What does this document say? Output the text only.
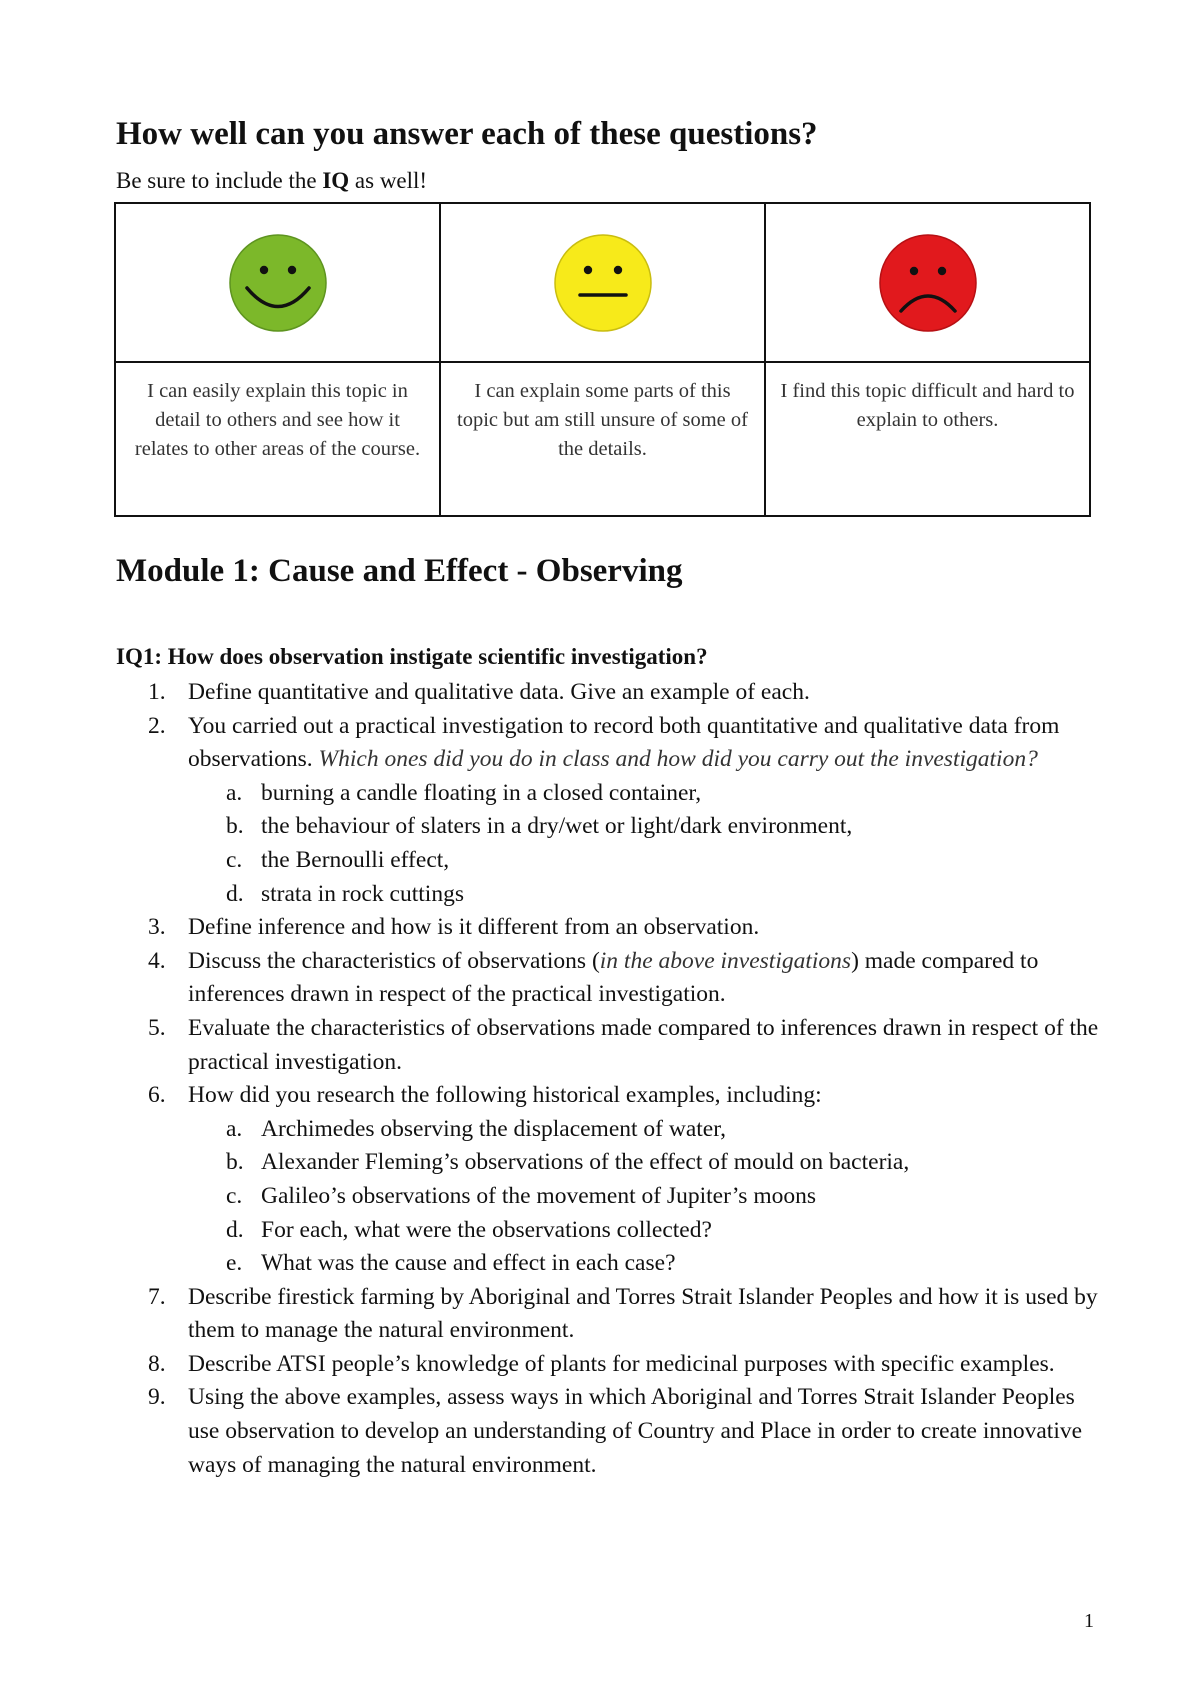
How well can you answer each of these questions?

Be sure to include the IQ as well!

I can easily explain this topic in detail to others and see how it relates to other areas of the course.	I can explain some parts of this topic but am still unsure of some of the details.	I find this topic difficult and hard to explain to others.
Module 1: Cause and Effect - Observing
IQ1: How does observation instigate scientific investigation?
1. Define quantitative and qualitative data. Give an example of each.
2. You carried out a practical investigation to record both quantitative and qualitative data from observations. Which ones did you do in class and how did you carry out the investigation?
a. burning a candle floating in a closed container,
b. the behaviour of slaters in a dry/wet or light/dark environment,
c. the Bernoulli effect,
d. strata in rock cuttings
3. Define inference and how is it different from an observation.
4. Discuss the characteristics of observations (in the above investigations) made compared to inferences drawn in respect of the practical investigation.
5. Evaluate the characteristics of observations made compared to inferences drawn in respect of the practical investigation.
6. How did you research the following historical examples, including:
a. Archimedes observing the displacement of water,
b. Alexander Fleming’s observations of the effect of mould on bacteria,
c. Galileo’s observations of the movement of Jupiter’s moons
d. For each, what were the observations collected?
e. What was the cause and effect in each case?
7. Describe firestick farming by Aboriginal and Torres Strait Islander Peoples and how it is used by them to manage the natural environment.
8. Describe ATSI people’s knowledge of plants for medicinal purposes with specific examples.
9. Using the above examples, assess ways in which Aboriginal and Torres Strait Islander Peoples use observation to develop an understanding of Country and Place in order to create innovative ways of managing the natural environment.
1
